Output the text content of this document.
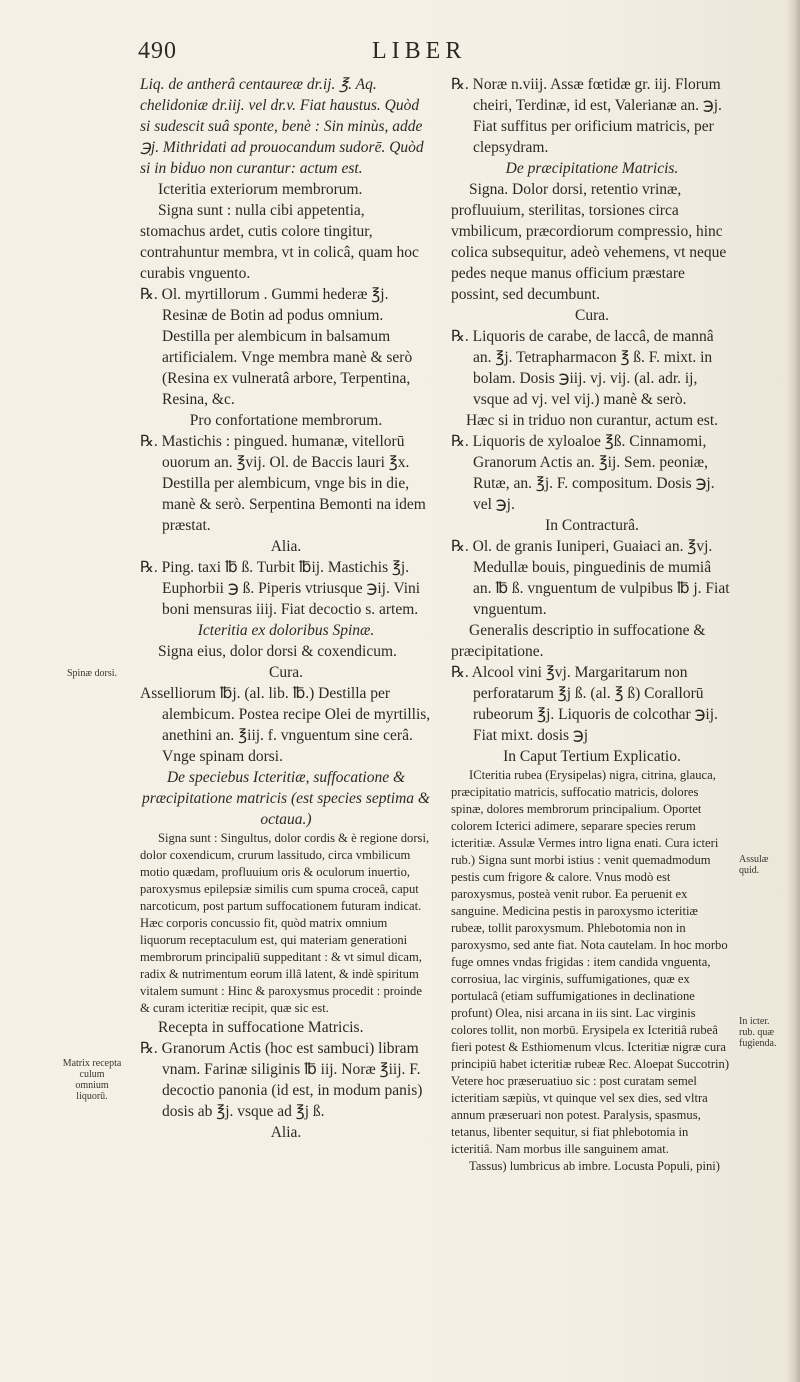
490	LIBER

Liq. de antherâ centaureæ dr.ij. ℥. Aq. chelidoniæ dr.iij. vel dr.v. Fiat haustus. Quòd si sudescit suâ sponte, benè : Sin minùs, adde ℈j. Mithridati ad prouocandum sudorē. Quòd si in biduo non curantur: actum est.

Icteritia exteriorum membrorum.

Signa sunt : nulla cibi appetentia, stomachus ardet, cutis colore tingitur, contrahuntur membra, vt in colicâ, quam hoc curabis vnguento.

℞. Ol. myrtillorum . Gummi hederæ ℥j. Resinæ de Botin ad podus omnium. Destilla per alembicum in balsamum artificialem. Vnge membra manè & serò (Resina ex vulneratâ arbore, Terpentina, Resina, &c.

Pro confortatione membrorum.

℞. Mastichis : pingued. humanæ, vitellorū ouorum an. ℥vij. Ol. de Baccis lauri ℥x. Destilla per alembicum, vnge bis in die, manè & serò. Serpentina Bemonti na idem præstat.

Alia.

℞. Ping. taxi ℔ ß. Turbit ℔ij. Mastichis ℥j. Euphorbii ℈ ß. Piperis vtriusque ℈ij. Vini boni mensuras iiij. Fiat decoctio s. artem.

Icteritia ex doloribus Spinæ.

Signa eius, dolor dorsi & coxendicum.

Cura.

Asselliorum ℔j. (al. lib. ℔.) Destilla per alembicum. Postea recipe Olei de myrtillis, anethini an. ℥iij. f. vnguentum sine cerâ. Vnge spinam dorsi.

De speciebus Icteritiæ, suffocatione & præcipitatione matricis (est species septima & octaua.)

Signa sunt : Singultus, dolor cordis & è regione dorsi, dolor coxendicum, crurum lassitudo, circa vmbilicum motio quædam, profluuium oris & oculorum inuertio, paroxysmus epilepsiæ similis cum spuma croceâ, caput narcoticum, post partum suffocationem futuram indicat. Hæc corporis concussio fit, quòd matrix omnium liquorum receptaculum est, qui materiam generationi membrorum principaliū suppeditant : & vt simul dicam, radix & nutrimentum eorum illâ latent, & indè spiritum vitalem sumunt : Hinc & paroxysmus procedit : proinde & curam icteritiæ recipit, quæ sic est.

Recepta in suffocatione Matricis.

℞. Granorum Actis (hoc est sambuci) libram vnam. Farinæ siliginis ℔ iij. Noræ ℥iij. F. decoctio panonia (id est, in modum panis) dosis ab ℥j. vsque ad ℥j ß.

Alia.

℞. Noræ n.viij. Assæ fœtidæ gr. iij. Florum cheiri, Terdinæ, id est, Valerianæ an. ℈j. Fiat suffitus per orificium matricis, per clepsydram.

De præcipitatione Matricis.

Signa. Dolor dorsi, retentio vrinæ, profluuium, sterilitas, torsiones circa vmbilicum, præcordiorum compressio, hinc colica subsequitur, adeò vehemens, vt neque pedes neque manus officium præstare possint, sed decumbunt.

Cura.

℞. Liquoris de carabe, de laccâ, de mannâ an. ℥j. Tetrapharmacon ℥ ß. F. mixt. in bolam. Dosis ℈iij. vj. vij. (al. adr. ij, vsque ad vj. vel vij.) manè & serò.

Hæc si in triduo non curantur, actum est.

℞. Liquoris de xyloaloe ℥ß. Cinnamomi, Granorum Actis an. ℥ij. Sem. peoniæ, Rutæ, an. ℥j. F. compositum. Dosis ℈j. vel ℈j.

In Contracturâ.

℞. Ol. de granis Iuniperi, Guaiaci an. ℥vj. Medullæ bouis, pinguedinis de mumiâ an. ℔ ß. vnguentum de vulpibus ℔ j. Fiat vnguentum.

Generalis descriptio in suffocatione & præcipitatione.

℞. Alcool vini ℥vj. Margaritarum non perforatarum ℥j ß. (al. ℥ ß) Corallorū rubeorum ℥j. Liquoris de colcothar ℈ij. Fiat mixt. dosis ℈j

In Caput Tertium Explicatio.

ICteritia rubea (Erysipelas) nigra, citrina, glauca, præcipitatio matricis, suffocatio matricis, dolores spinæ, dolores membrorum principalium. Oportet colorem Icterici adimere, separare species rerum icteritiæ. Assulæ Vermes intro ligna enati. Cura icteri rub.) Signa sunt morbi istius : venit quemadmodum pestis cum frigore & calore. Vnus modò est paroxysmus, posteà venit rubor. Ea peruenit ex sanguine. Medicina pestis in paroxysmo icteritiæ rubeæ, tollit paroxysmum. Phlebotomia non in paroxysmo, sed ante fiat. Nota cautelam. In hoc morbo fuge omnes vndas frigidas : item candida vnguenta, corrosiua, lac virginis, suffumigationes, quæ ex portulacâ (etiam suffumigationes in declinatione profunt) Olea, nisi arcana in iis sint. Lac virginis colores tollit, non morbū. Erysipela ex Icteritiâ rubeâ fieri potest & Esthiomenum vlcus. Icteritiæ nigræ cura principiū habet icteritiæ rubeæ Rec. Aloepat Succotrin) Vetere hoc præseruatiuo sic : post curatam semel icteritiam sæpiùs, vt quinque vel sex dies, sed vltra annum præseruari non potest. Paralysis, spasmus, tetanus, libenter sequitur, si fiat phlebotomia in icteritiâ. Nam morbus ille sanguinem amat.

Tassus) lumbricus ab imbre. Locusta Populi, pini)

Spinæ dorsi.
Matrix recepta culum omnium liquorū.
Assulæ quid.
In icter. rub. quæ fugienda.
